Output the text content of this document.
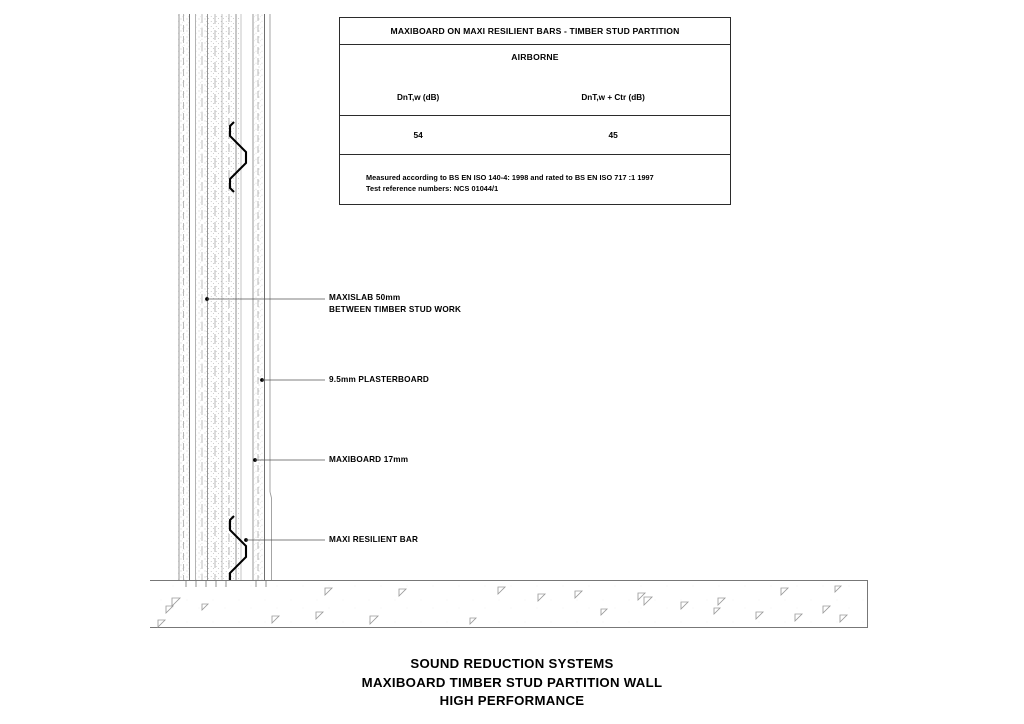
MAXIBOARD ON MAXI RESILIENT BARS - TIMBER STUD PARTITION	
AIRBORNE	
DnT,w (dB)	DnT,w + Ctr (dB)
54	45

Measured according to BS EN ISO 140-4: 1998 and rated to BS EN ISO 717 :1 1997
Test reference numbers: NCS 01044/1	
MAXISLAB 50mm
BETWEEN TIMBER STUD WORK
9.5mm PLASTERBOARD
MAXIBOARD 17mm
MAXI RESILIENT BAR
SOUND REDUCTION SYSTEMS
MAXIBOARD TIMBER STUD PARTITION WALL
HIGH PERFORMANCE
